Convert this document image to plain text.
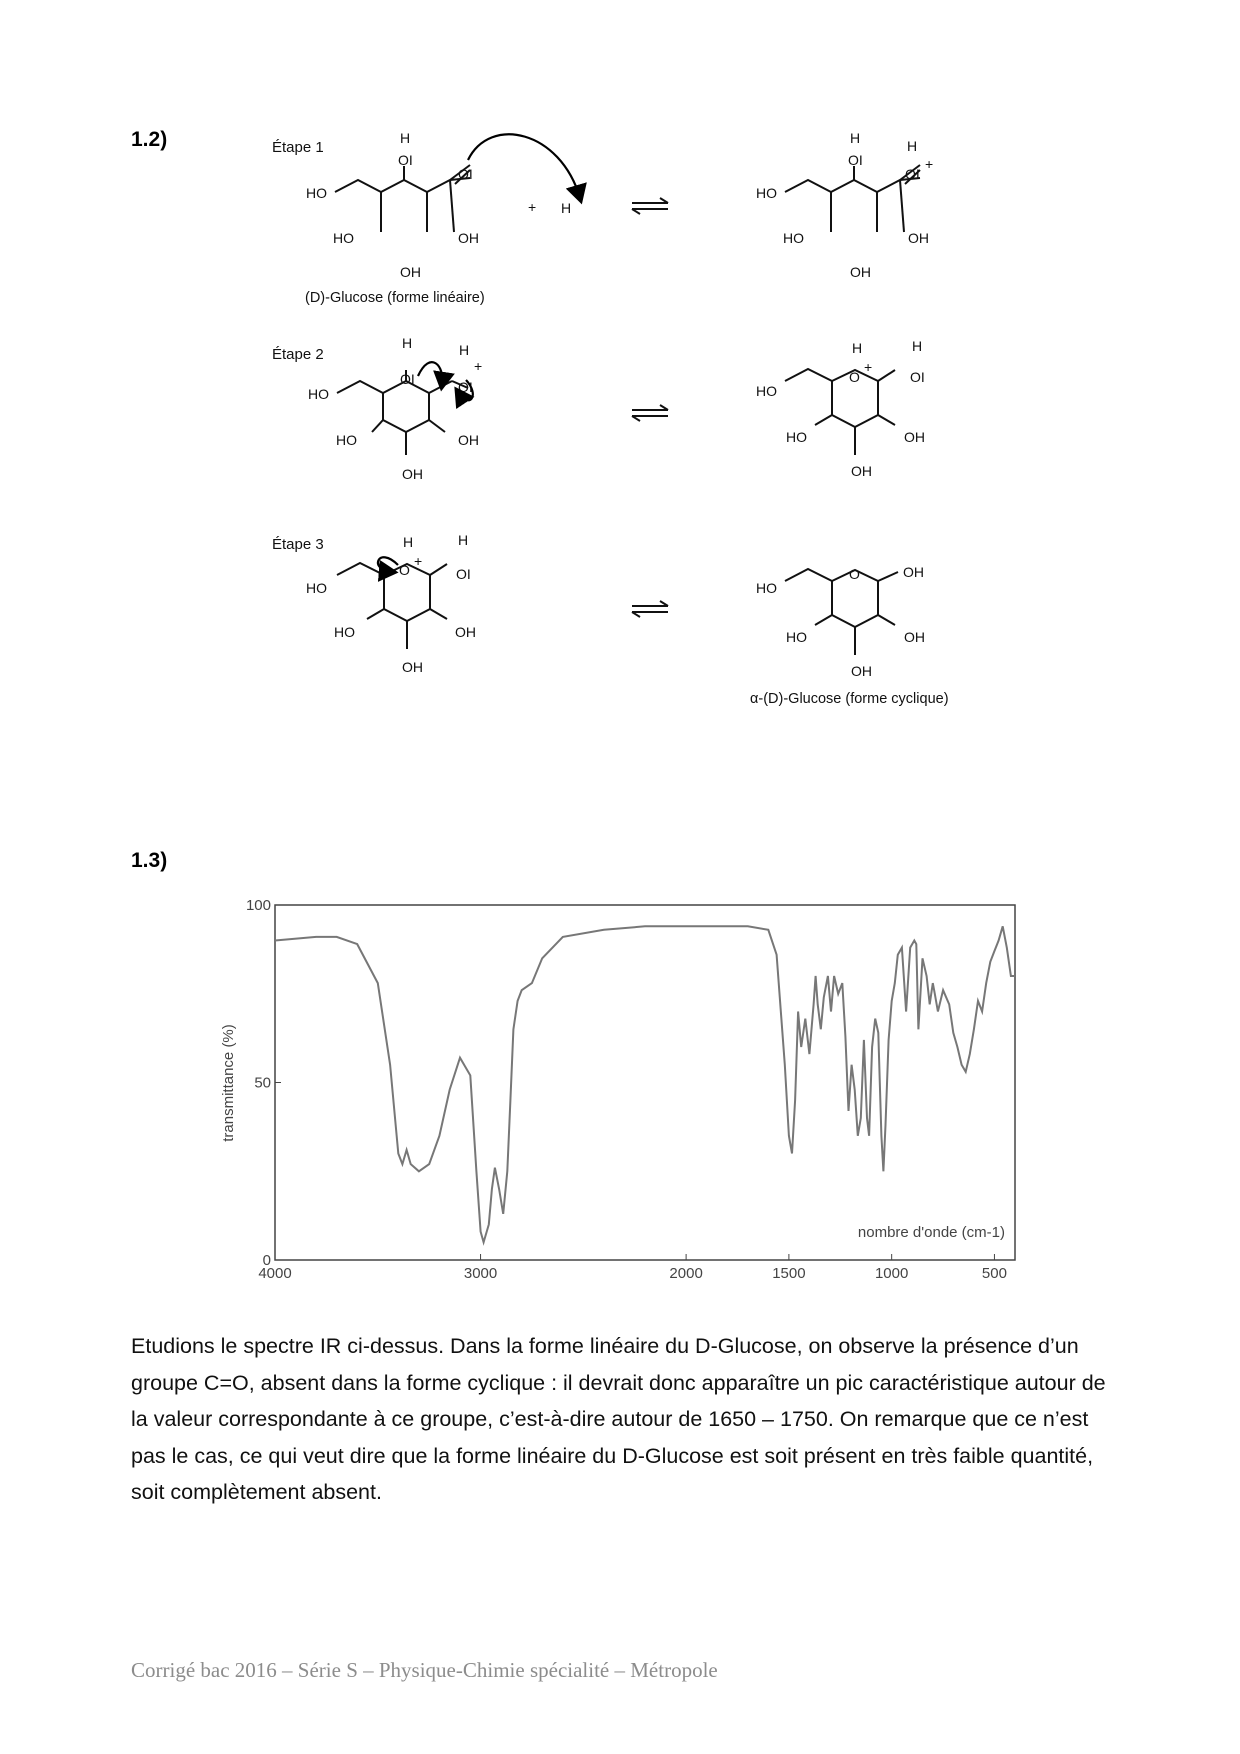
1.2)	Étape 1
HO
HO	OH
OH
H
OI
OI
+ H
(D)-Glucose (forme linéaire)
HO
HO	OH
OH
H
OI
H
OI
+
Étape 2
HO
HO	OH
OH
H
OI
H
OI
+
HO
HO	OH
OH
H
O
+
H
OI
Étape 3
HO
HO	OH
OH
H
O
+
H
OI
HO
HO	OH
OH
O	OH
α-(D)-Glucose (forme cyclique)
1.3)
transmittance (%)
nombre d'onde (cm-1)
4000	3000	2000	1500	1000	500
100
50
0
Etudions le spectre IR ci-dessus. Dans la forme linéaire du D-Glucose, on observe la présence d’un groupe C=O, absent dans la forme cyclique : il devrait donc apparaître un pic caractéristique autour de la valeur correspondante à ce groupe, c’est-à-dire autour de 1650 – 1750. On remarque que ce n’est pas le cas, ce qui veut dire que la forme linéaire du D-Glucose est soit présent en très faible quantité, soit complètement absent.
Corrigé bac 2016 – Série S – Physique-Chimie spécialité – Métropole
